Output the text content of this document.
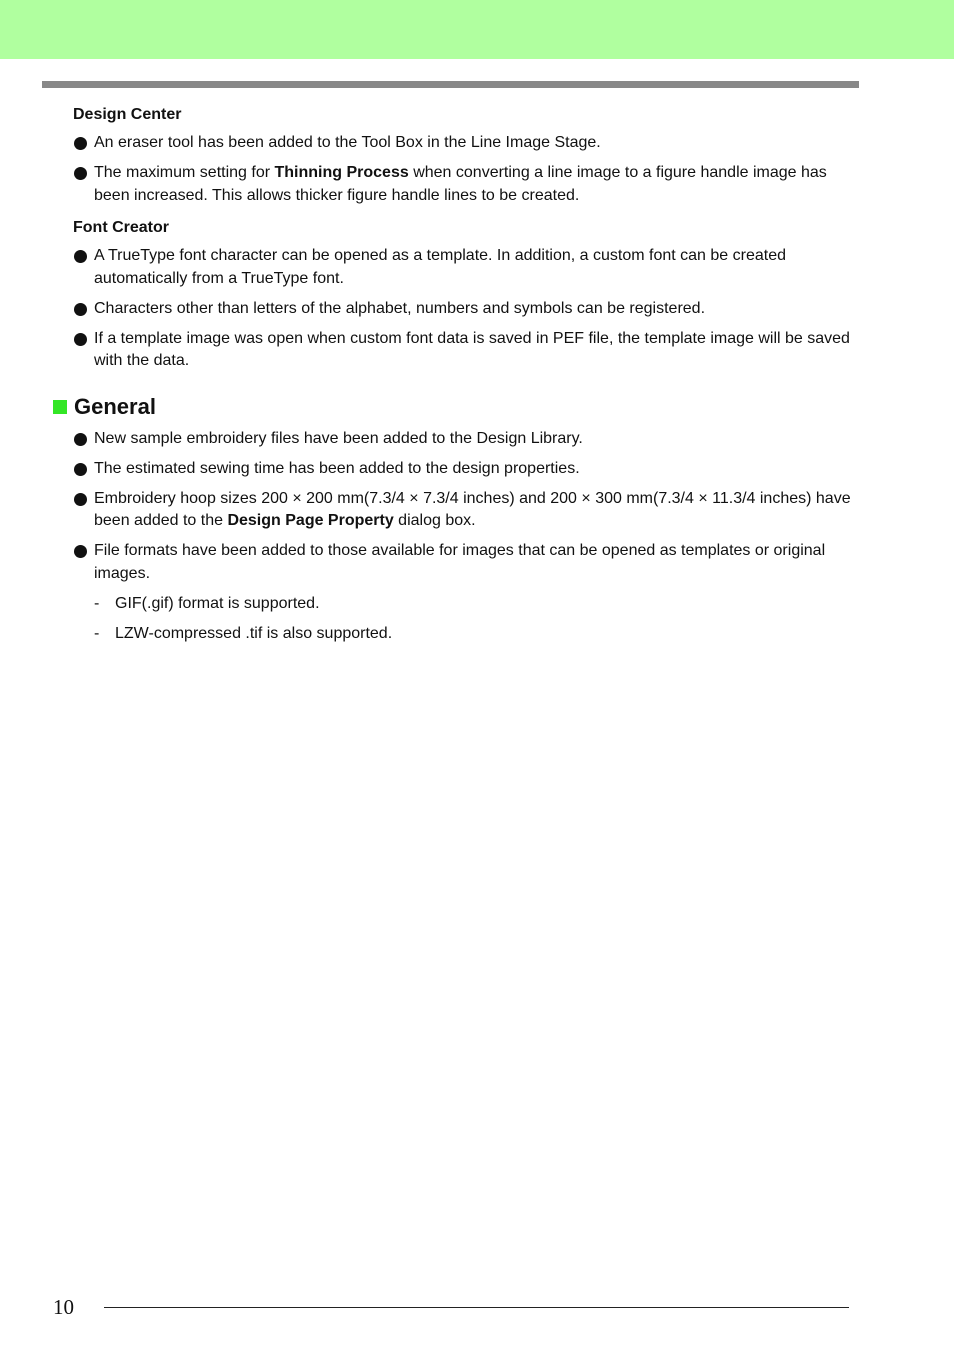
Design Center
An eraser tool has been added to the Tool Box in the Line Image Stage.
The maximum setting for Thinning Process when converting a line image to a figure handle image has been increased. This allows thicker figure handle lines to be created.
Font Creator
A TrueType font character can be opened as a template. In addition, a custom font can be created automatically from a TrueType font.
Characters other than letters of the alphabet, numbers and symbols can be registered.
If a template image was open when custom font data is saved in PEF file, the template image will be saved with the data.
General
New sample embroidery files have been added to the Design Library.
The estimated sewing time has been added to the design properties.
Embroidery hoop sizes 200 × 200 mm(7.3/4 × 7.3/4 inches) and 200 × 300 mm(7.3/4 × 11.3/4 inches) have been added to the Design Page Property dialog box.
File formats have been added to those available for images that can be opened as templates or original images.
- GIF(.gif) format is supported.
- LZW-compressed .tif is also supported.
10
